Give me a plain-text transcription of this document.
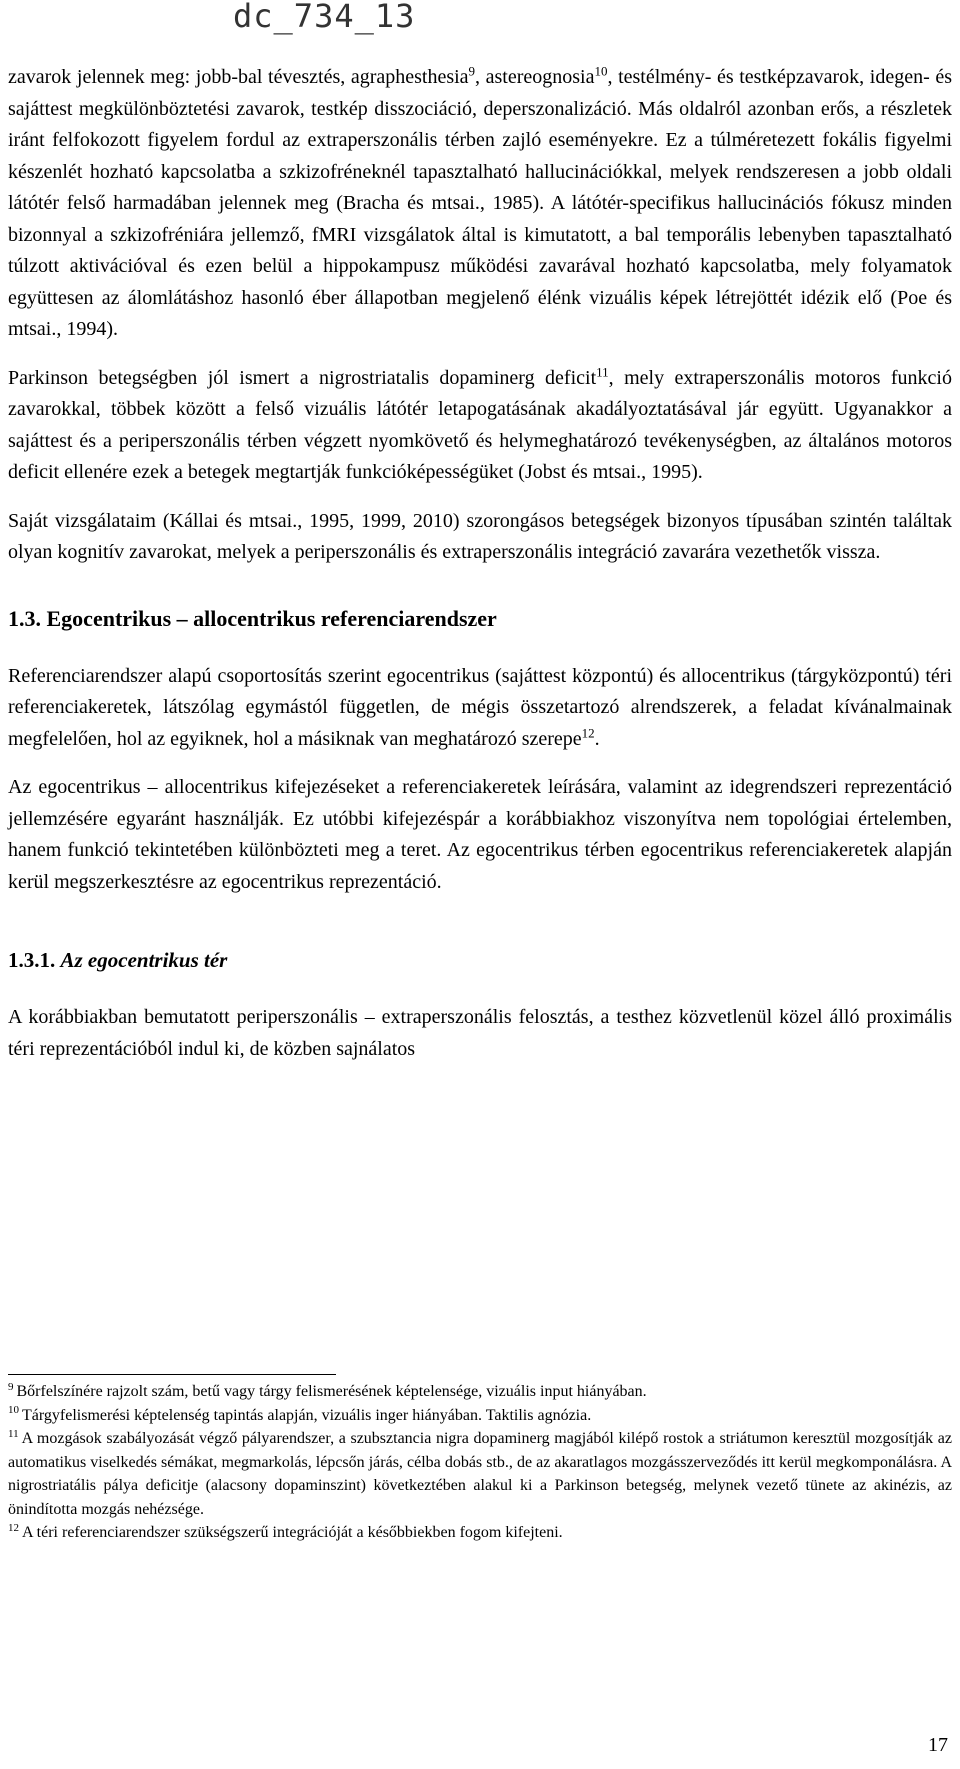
dc_734_13

zavarok jelennek meg: jobb-bal tévesztés, agraphesthesia$^9$, astereognosia$^{10}$, testélmény- és testképzavarok, idegen- és sajáttest megkülönböztetési zavarok, testkép disszociáció, deperszonalizáció. Más oldalról azonban erős, a részletek iránt felfokozott figyelem fordul az extraperszonális térben zajló eseményekre. Ez a túlméretezett fokális figyelmi készenlét hozható kapcsolatba a szkizofréneknél tapasztalható hallucinációkkal, melyek rendszeresen a jobb oldali látótér felső harmadában jelennek meg (Bracha és mtsai., 1985). A látótér-specifikus hallucinációs fókusz minden bizonnyal a szkizofréniára jellemző, fMRI vizsgálatok által is kimutatott, a bal temporális lebenyben tapasztalható túlzott aktivációval és ezen belül a hippokampusz működési zavarával hozható kapcsolatba, mely folyamatok együttesen az álomlátáshoz hasonló éber állapotban megjelenő élénk vizuális képek létrejöttét idézik elő (Poe és mtsai., 1994).

Parkinson betegségben jól ismert a nigrostriatalis dopaminerg deficit$^{11}$, mely extraperszonális motoros funkció zavarokkal, többek között a felső vizuális látótér letapogatásának akadályoztatásával jár együtt. Ugyanakkor a sajáttest és a periperszonális térben végzett nyomkövető és helymeghatározó tevékenységben, az általános motoros deficit ellenére ezek a betegek megtartják funkcióképességüket (Jobst és mtsai., 1995).

Saját vizsgálataim (Kállai és mtsai., 1995, 1999, 2010) szorongásos betegségek bizonyos típusában szintén találtak olyan kognitív zavarokat, melyek a periperszonális és extraperszonális integráció zavarára vezethetők vissza.

1.3. Egocentrikus – allocentrikus referenciarendszer

Referenciarendszer alapú csoportosítás szerint egocentrikus (sajáttest központú) és allocentrikus (tárgyközpontú) téri referenciakeretek, látszólag egymástól független, de mégis összetartozó alrendszerek, a feladat kívánalmainak megfelelően, hol az egyiknek, hol a másiknak van meghatározó szerepe$^{12}$.

Az egocentrikus – allocentrikus kifejezéseket a referenciakeretek leírására, valamint az idegrendszeri reprezentáció jellemzésére egyaránt használják. Ez utóbbi kifejezéspár a korábbiakhoz viszonyítva nem topológiai értelemben, hanem funkció tekintetében különbözteti meg a teret. Az egocentrikus térben egocentrikus referenciakeretek alapján kerül megszerkesztésre az egocentrikus reprezentáció.

1.3.1. Az egocentrikus tér

A korábbiakban bemutatott periperszonális – extraperszonális felosztás, a testhez közvetlenül közel álló proximális téri reprezentációból indul ki, de közben sajnálatos

$^9$ Bőrfelszínére rajzolt szám, betű vagy tárgy felismerésének képtelensége, vizuális input hiányában.

$^{10}$ Tárgyfelismerési képtelenség tapintás alapján, vizuális inger hiányában. Taktilis agnózia.

$^{11}$ A mozgások szabályozását végző pályarendszer, a szubsztancia nigra dopaminerg magjából kilépő rostok a striátumon keresztül mozgosítják az automatikus viselkedés sémákat, megmarkolás, lépcsőn járás, célba dobás stb., de az akaratlagos mozgásszerveződés itt kerül megkomponálásra. A nigrostriatális pálya deficitje (alacsony dopaminszint) következtében alakul ki a Parkinson betegség, melynek vezető tünete az akinézis, az önindította mozgás nehézsége.

$^{12}$ A téri referenciarendszer szükségszerű integrációját a későbbiekben fogom kifejteni.

17
